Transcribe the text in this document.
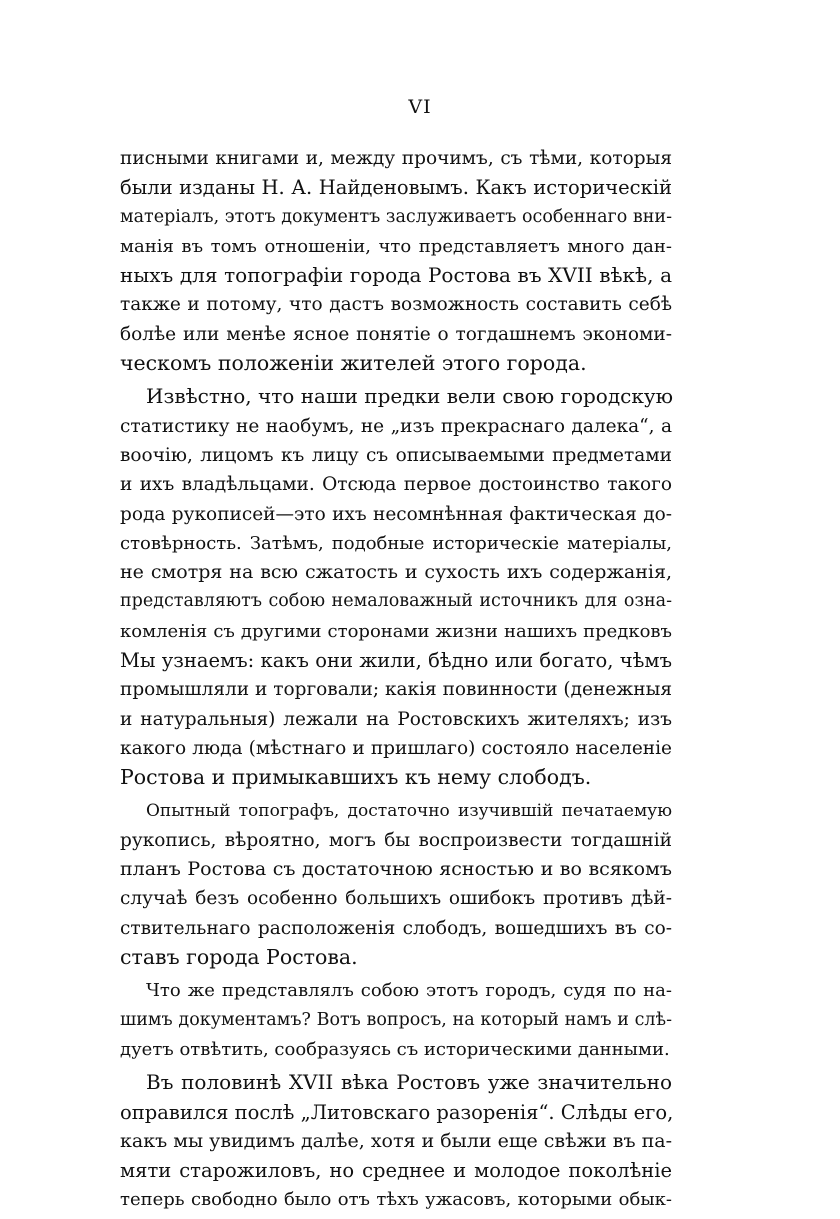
VI
писными книгами и, между прочимъ, съ тѣми, которыя
были изданы Н. А. Найденовымъ. Какъ историческій
матеріалъ, этотъ документъ заслуживаетъ особеннаго вни-
манія въ томъ отношеніи, что представляетъ много дан-
ныхъ для топографіи города Ростова въ XVII вѣкѣ, а
также и потому, что дастъ возможность составить себѣ
болѣе или менѣе ясное понятіе о тогдашнемъ экономи-
ческомъ положеніи жителей этого города.
Извѣстно, что наши предки вели свою городскую
статистику не наобумъ, не „изъ прекраснаго далека“, а
воочію, лицомъ къ лицу съ описываемыми предметами
и ихъ владѣльцами. Отсюда первое достоинство такого
рода рукописей—это ихъ несомнѣнная фактическая до-
стовѣрность. Затѣмъ, подобные историческіе матеріалы,
не смотря на всю сжатость и сухость ихъ содержанія,
представляютъ собою немаловажный источникъ для озна-
комленія съ другими сторонами жизни нашихъ предковъ
Мы узнаемъ: какъ они жили, бѣдно или богато, чѣмъ
промышляли и торговали; какія повинности (денежныя
и натуральныя) лежали на Ростовскихъ жителяхъ; изъ
какого люда (мѣстнаго и пришлаго) состояло населеніе
Ростова и примыкавшихъ къ нему слободъ.
Опытный топографъ, достаточно изучившій печатаемую
рукопись, вѣроятно, могъ бы воспроизвести тогдашній
планъ Ростова съ достаточною ясностью и во всякомъ
случаѣ безъ особенно большихъ ошибокъ противъ дѣй-
ствительнаго расположенія слободъ, вошедшихъ въ со-
ставъ города Ростова.
Что же представлялъ собою этотъ городъ, судя по на-
шимъ документамъ? Вотъ вопросъ, на который намъ и слѣ-
дуетъ отвѣтить, сообразуясь съ историческими данными.
Въ половинѣ XVII вѣка Ростовъ уже значительно
оправился послѣ „Литовскаго разоренія“. Слѣды его,
какъ мы увидимъ далѣе, хотя и были еще свѣжи въ па-
мяти старожиловъ, но среднее и молодое поколѣніе
теперь свободно было отъ тѣхъ ужасовъ, которыми обык-
